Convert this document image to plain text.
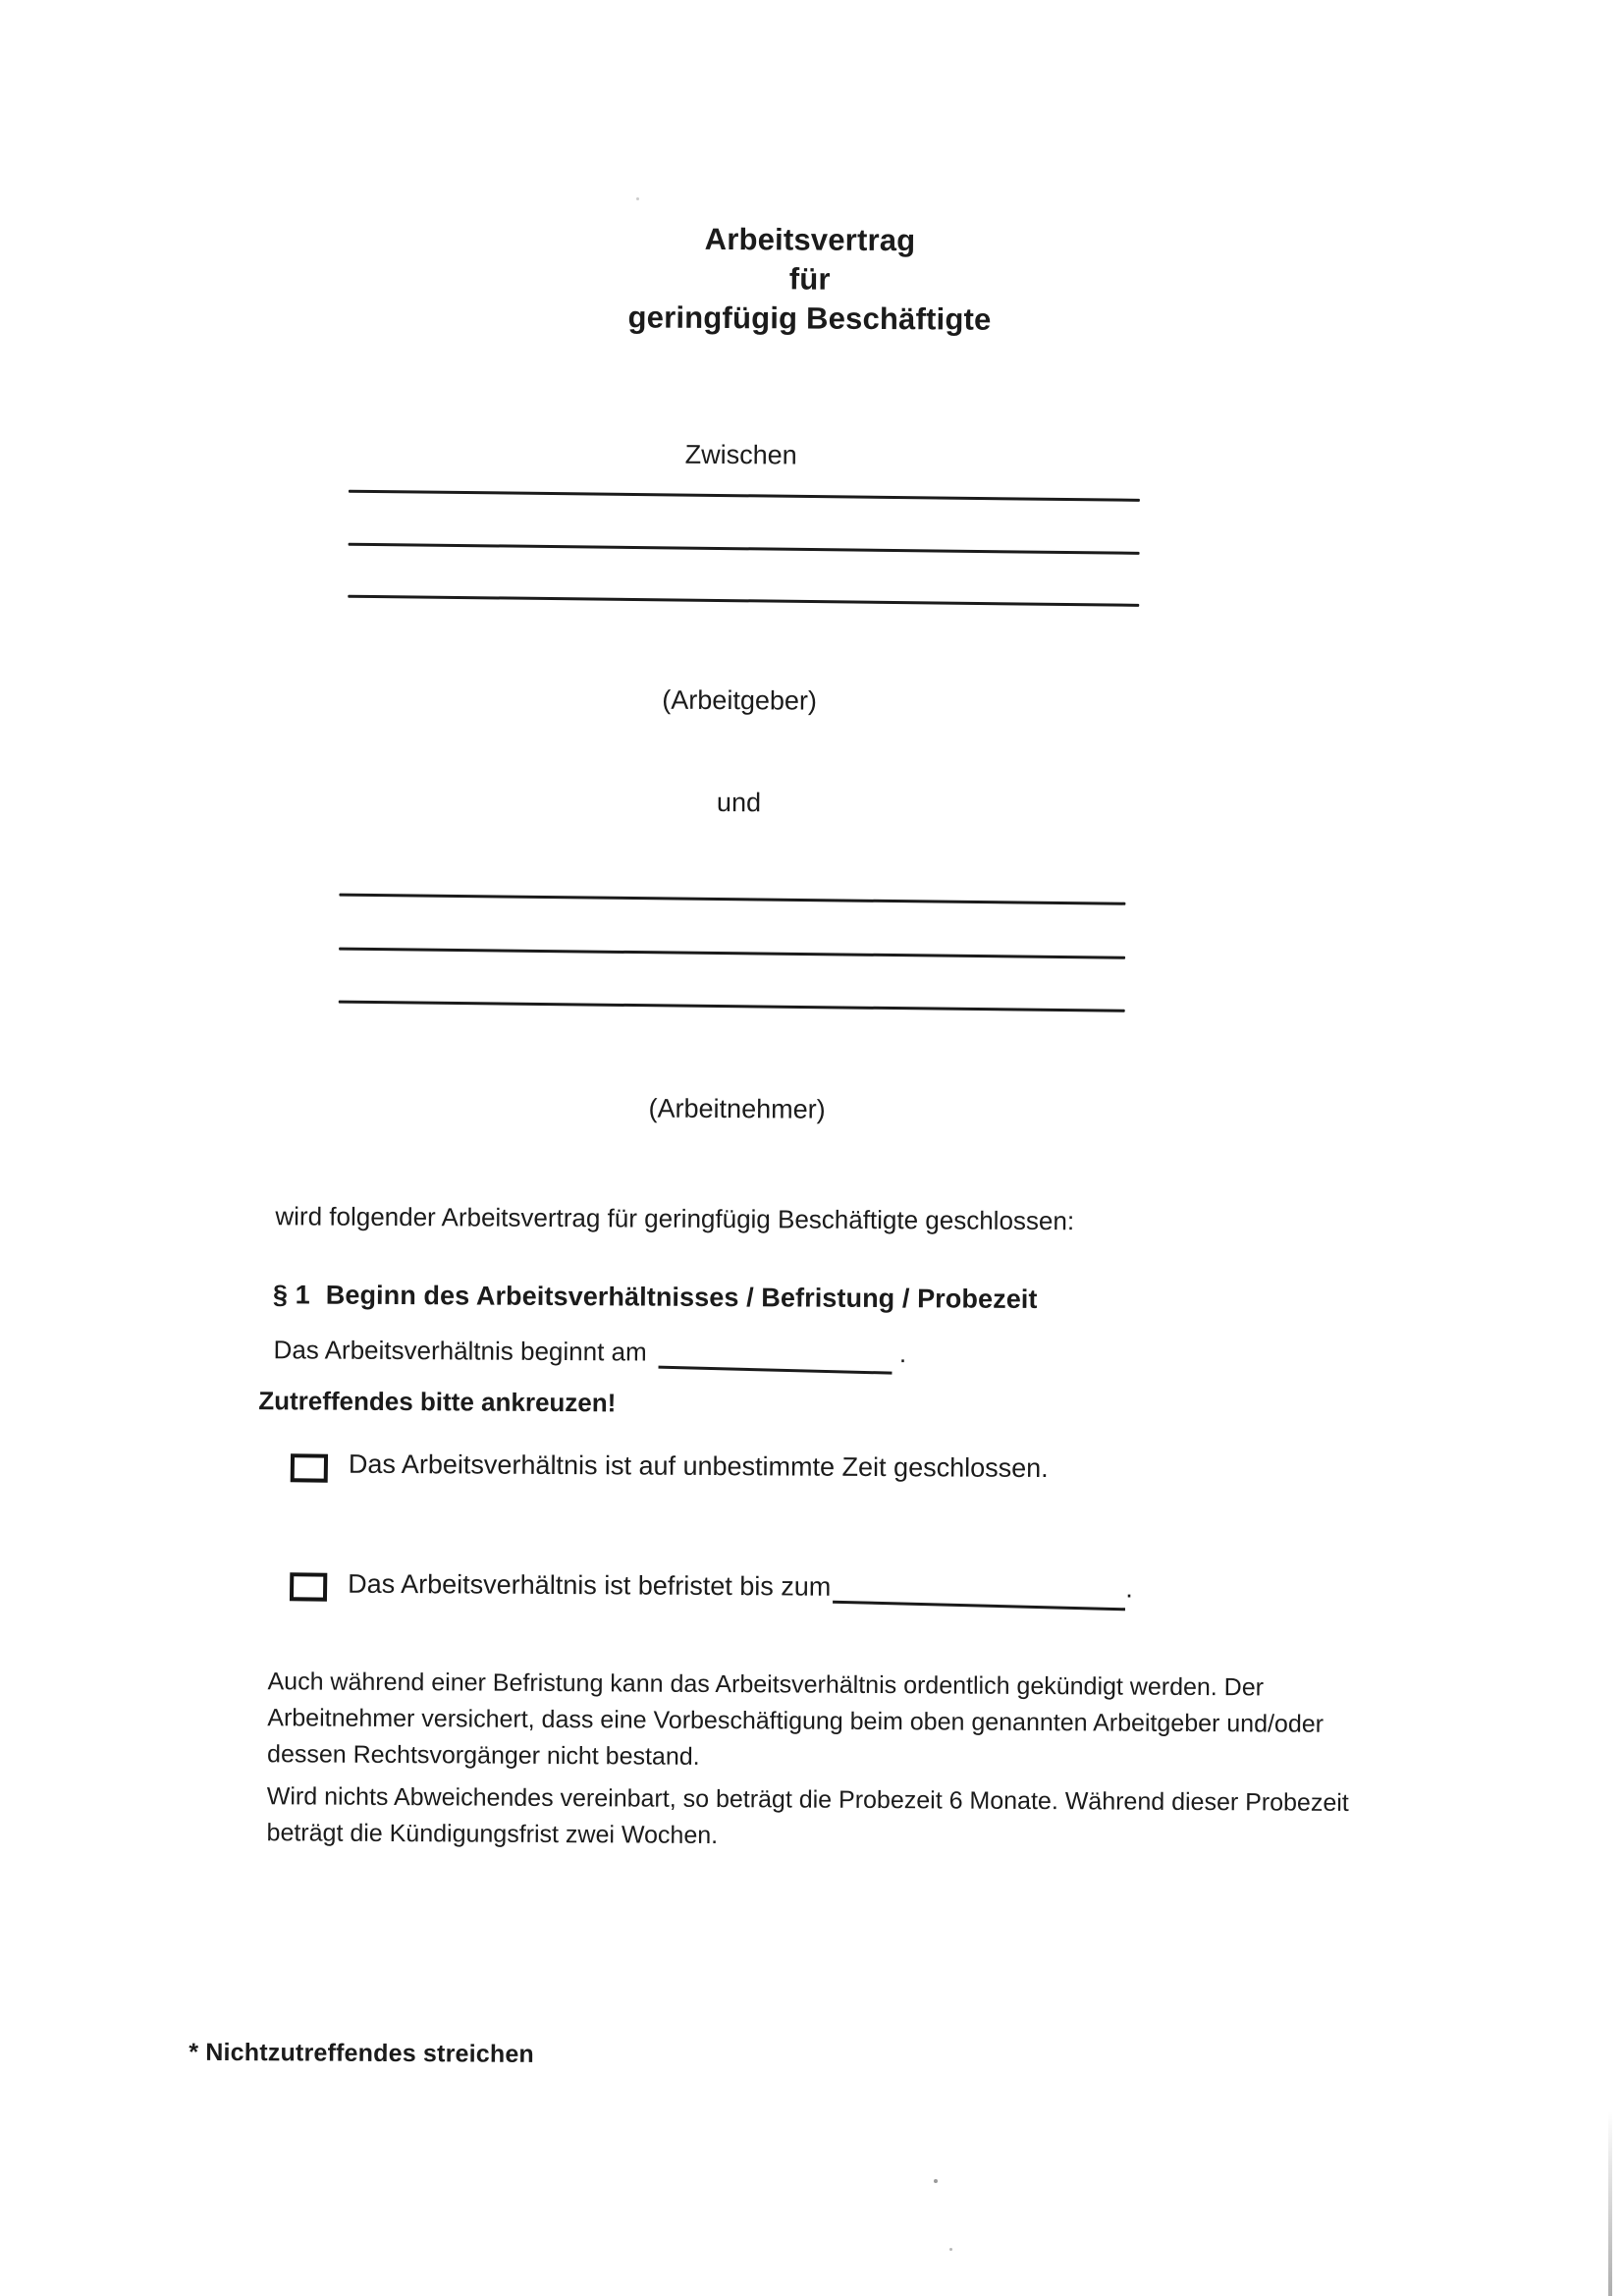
Arbeitsvertrag
für
geringfügig Beschäftigte
Zwischen
(Arbeitgeber)
und
(Arbeitnehmer)
wird folgender Arbeitsvertrag für geringfügig Beschäftigte geschlossen:
§ 1 Beginn des Arbeitsverhältnisses / Befristung / Probezeit
Das Arbeitsverhältnis beginnt am	.
Zutreffendes bitte ankreuzen!
Das Arbeitsverhältnis ist auf unbestimmte Zeit geschlossen.
Das Arbeitsverhältnis ist befristet bis zum	.
Auch während einer Befristung kann das Arbeitsverhältnis ordentlich gekündigt werden. Der
Arbeitnehmer versichert, dass eine Vorbeschäftigung beim oben genannten Arbeitgeber und/oder
dessen Rechtsvorgänger nicht bestand.
Wird nichts Abweichendes vereinbart, so beträgt die Probezeit 6 Monate. Während dieser Probezeit
beträgt die Kündigungsfrist zwei Wochen.
* Nichtzutreffendes streichen
